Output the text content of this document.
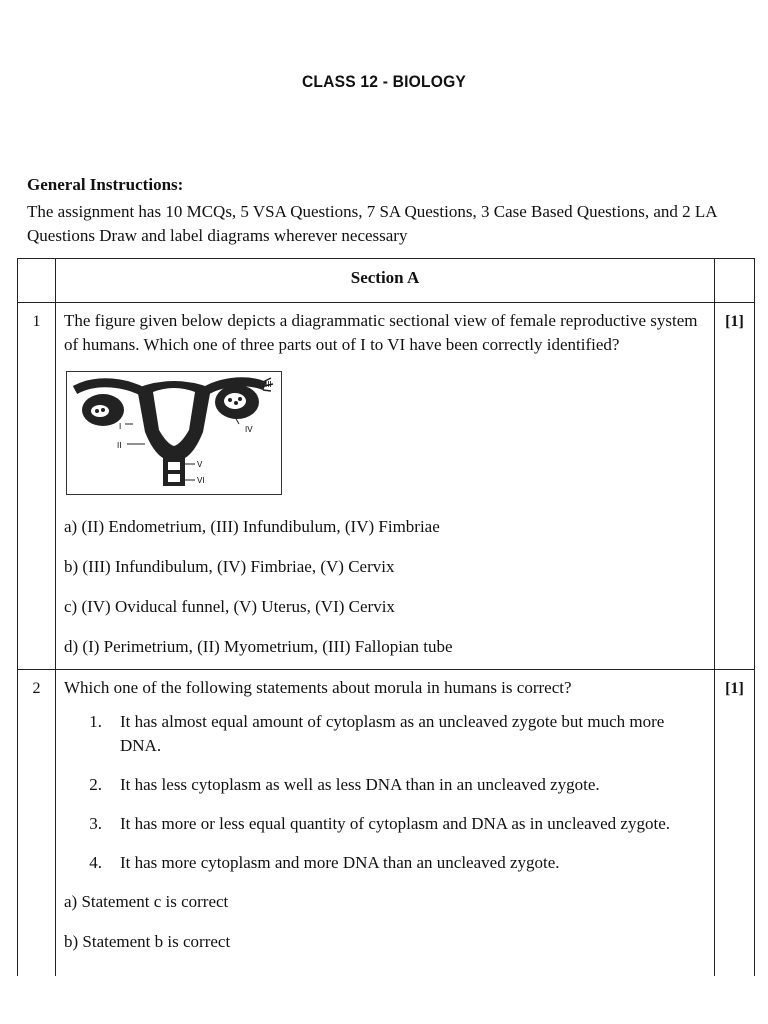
CLASS 12 - BIOLOGY
General Instructions:
The assignment has 10 MCQs, 5 VSA Questions, 7 SA Questions, 3 Case Based Questions, and 2 LA Questions Draw and label diagrams wherever necessary
Section A
1	The figure given below depicts a diagrammatic sectional view of female reproductive system of humans. Which one of three parts out of I to VI have been correctly identified?
I
II
III
IV
V
VI
a) (II) Endometrium, (III) Infundibulum, (IV) Fimbriae
b) (III) Infundibulum, (IV) Fimbriae, (V) Cervix
c) (IV) Oviducal funnel, (V) Uterus, (VI) Cervix
d) (I) Perimetrium, (II) Myometrium, (III) Fallopian tube
[1]
2	Which one of the following statements about morula in humans is correct?
1.	It has almost equal amount of cytoplasm as an uncleaved zygote but much more DNA.
2.	It has less cytoplasm as well as less DNA than in an uncleaved zygote.
3.	It has more or less equal quantity of cytoplasm and DNA as in uncleaved zygote.
4.	It has more cytoplasm and more DNA than an uncleaved zygote.
a) Statement c is correct
b) Statement b is correct
[1]
